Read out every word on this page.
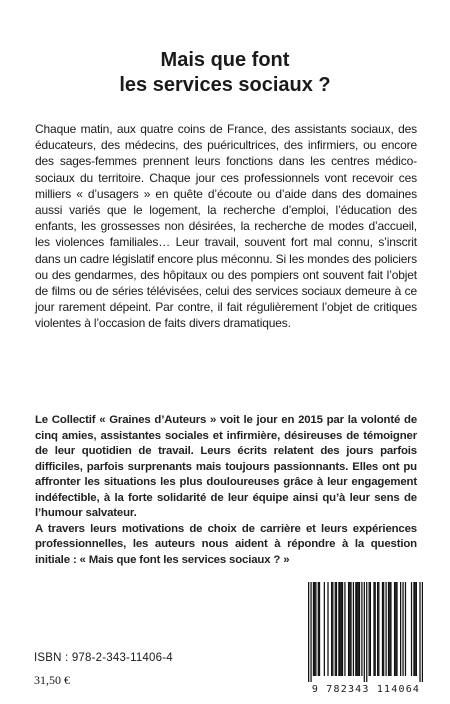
Mais que font
les services sociaux ?

Chaque matin, aux quatre coins de France, des assistants sociaux, des éducateurs, des médecins, des puéricultrices, des infirmiers, ou encore des sages-femmes prennent leurs fonctions dans les centres médico-sociaux du territoire. Chaque jour ces professionnels vont recevoir ces milliers « d’usagers » en quête d’écoute ou d’aide dans des domaines aussi variés que le logement, la recherche d’emploi, l’éducation des enfants, les grossesses non désirées, la recherche de modes d’accueil, les violences familiales… Leur travail, souvent fort mal connu, s’inscrit dans un cadre législatif encore plus méconnu. Si les mondes des policiers ou des gendarmes, des hôpitaux ou des pompiers ont souvent fait l’objet de films ou de séries télévisées, celui des services sociaux demeure à ce jour rarement dépeint. Par contre, il fait régulièrement l’objet de critiques violentes à l’occasion de faits divers dramatiques.

Le Collectif « Graines d’Auteurs » voit le jour en 2015 par la volonté de cinq amies, assistantes sociales et infirmière, désireuses de témoigner de leur quotidien de travail. Leurs écrits relatent des jours parfois difficiles, parfois surprenants mais toujours passionnants. Elles ont pu affronter les situations les plus douloureuses grâce à leur engagement indéfectible, à la forte solidarité de leur équipe ainsi qu’à leur sens de l’humour salvateur.

A travers leurs motivations de choix de carrière et leurs expériences professionnelles, les auteurs nous aident à répondre à la question initiale : « Mais que font les services sociaux ? »

ISBN : 978-2-343-11406-4
31,50 €
9 782343 114064
